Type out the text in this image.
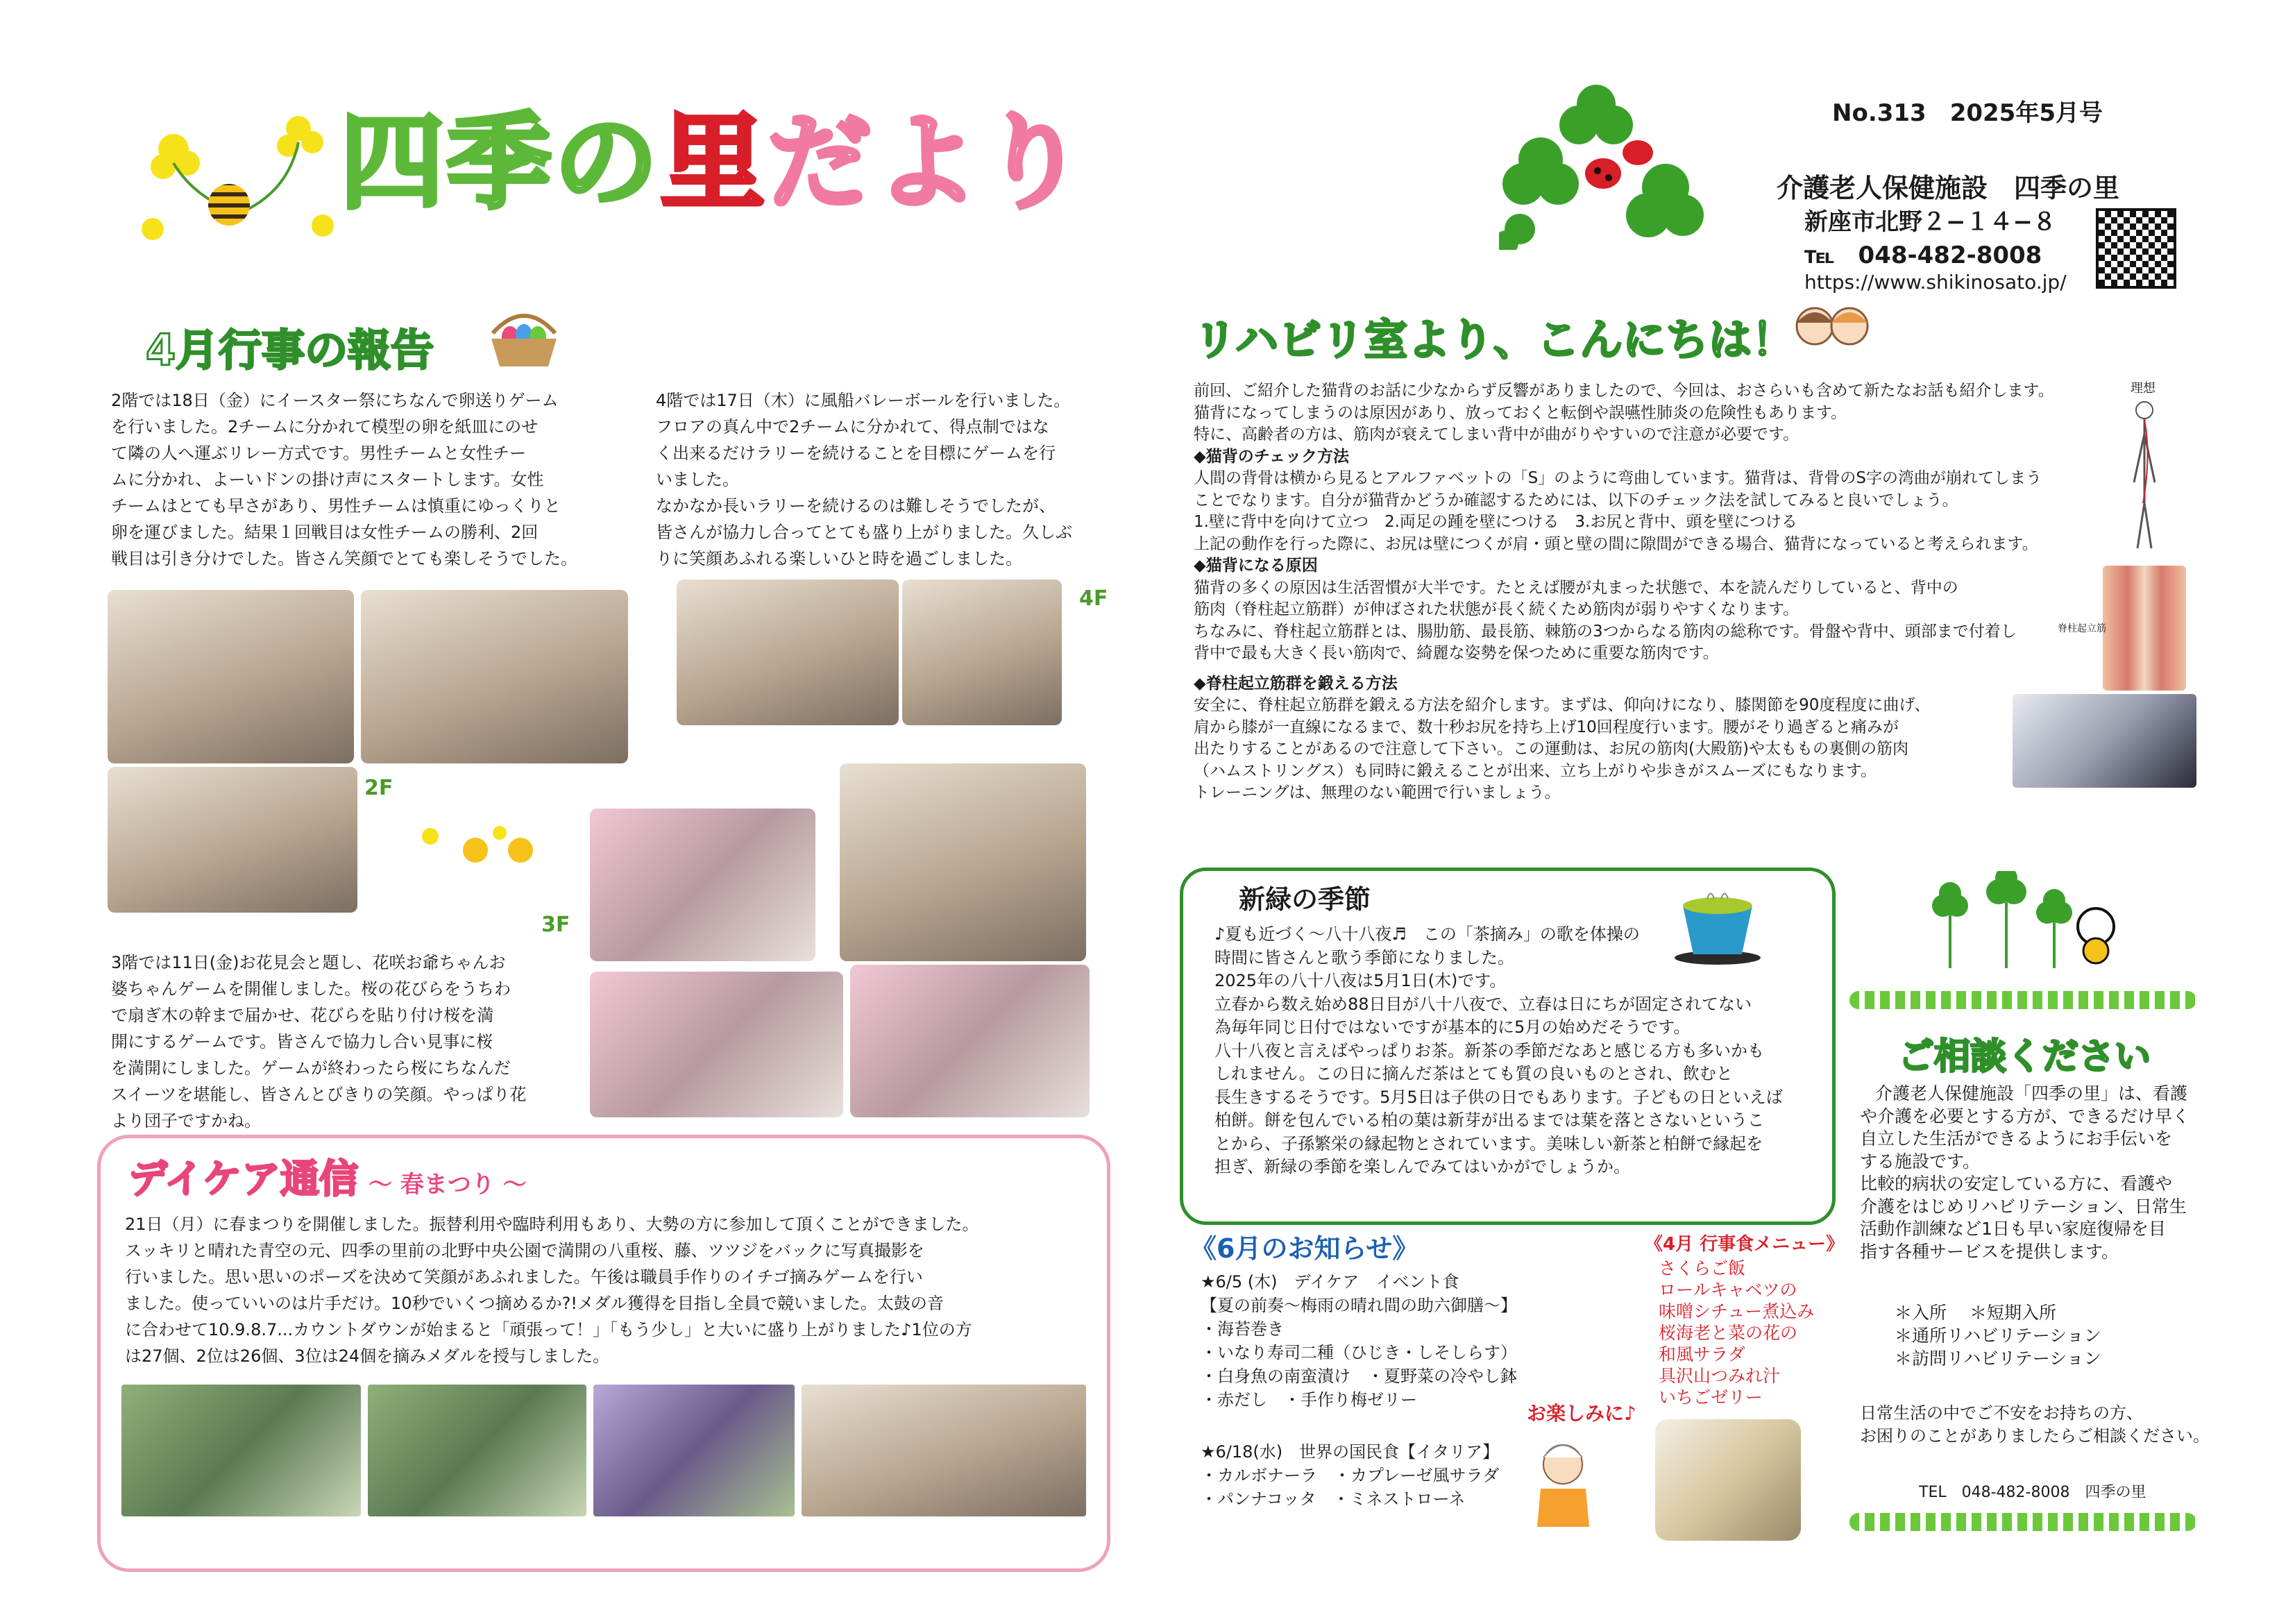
四季の里だより	No.313　2025年5月号
介護老人保健施設　四季の里
新座市北野２−１４−８
℡　048-482-8008
https://www.shikinosato.jp/
4月行事の報告
2階では18日（金）にイースター祭にちなんで卵送りゲーム
を行いました。2チームに分かれて模型の卵を紙皿にのせ
て隣の人へ運ぶリレー方式です。男性チームと女性チー
ムに分かれ、よーいドンの掛け声にスタートします。女性
チームはとても早さがあり、男性チームは慎重にゆっくりと
卵を運びました。結果１回戦目は女性チームの勝利、2回
戦目は引き分けでした。皆さん笑顔でとても楽しそうでした。
4階では17日（木）に風船バレーボールを行いました。
フロアの真ん中で2チームに分かれて、得点制ではな
く出来るだけラリーを続けることを目標にゲームを行
いました。
なかなか長いラリーを続けるのは難しそうでしたが、
皆さんが協力し合ってとても盛り上がりました。久しぶ
りに笑顔あふれる楽しいひと時を過ごしました。
4F
2F
3F
3階では11日(金)お花見会と題し、花咲お爺ちゃんお
婆ちゃんゲームを開催しました。桜の花びらをうちわ
で扇ぎ木の幹まで届かせ、花びらを貼り付け桜を満
開にするゲームです。皆さんで協力し合い見事に桜
を満開にしました。ゲームが終わったら桜にちなんだ
スイーツを堪能し、皆さんとびきりの笑顔。やっぱり花
より団子ですかね。
デイケア通信 〜 春まつり 〜
21日（月）に春まつりを開催しました。振替利用や臨時利用もあり、大勢の方に参加して頂くことができました。
スッキリと晴れた青空の元、四季の里前の北野中央公園で満開の八重桜、藤、ツツジをバックに写真撮影を
行いました。思い思いのポーズを決めて笑顔があふれました。午後は職員手作りのイチゴ摘みゲームを行い
ました。使っていいのは片手だけ。10秒でいくつ摘めるか?!メダル獲得を目指し全員で競いました。太鼓の音
に合わせて10.9.8.7...カウントダウンが始まると「頑張って！」「もう少し」と大いに盛り上がりました♪1位の方
は27個、2位は26個、3位は24個を摘みメダルを授与しました。
リハビリ室より、こんにちは！
前回、ご紹介した猫背のお話に少なからず反響がありましたので、今回は、おさらいも含めて新たなお話も紹介します。
猫背になってしまうのは原因があり、放っておくと転倒や誤嚥性肺炎の危険性もあります。
特に、高齢者の方は、筋肉が衰えてしまい背中が曲がりやすいので注意が必要です。
◆猫背のチェック方法
人間の背骨は横から見るとアルファベットの「S」のように弯曲しています。猫背は、背骨のS字の湾曲が崩れてしまう
ことでなります。自分が猫背かどうか確認するためには、以下のチェック法を試してみると良いでしょう。
1.壁に背中を向けて立つ　2.両足の踵を壁につける　3.お尻と背中、頭を壁につける
上記の動作を行った際に、お尻は壁につくが肩・頭と壁の間に隙間ができる場合、猫背になっていると考えられます。
◆猫背になる原因
猫背の多くの原因は生活習慣が大半です。たとえば腰が丸まった状態で、本を読んだりしていると、背中の
筋肉（脊柱起立筋群）が伸ばされた状態が長く続くため筋肉が弱りやすくなります。
ちなみに、脊柱起立筋群とは、腸肋筋、最長筋、棘筋の3つからなる筋肉の総称です。骨盤や背中、頭部まで付着し
背中で最も大きく長い筋肉で、綺麗な姿勢を保つために重要な筋肉です。
◆脊柱起立筋群を鍛える方法
安全に、脊柱起立筋群を鍛える方法を紹介します。まずは、仰向けになり、膝関節を90度程度に曲げ、
肩から膝が一直線になるまで、数十秒お尻を持ち上げ10回程度行います。腰がそり過ぎると痛みが
出たりすることがあるので注意して下さい。この運動は、お尻の筋肉(大殿筋)や太ももの裏側の筋肉
（ハムストリングス）も同時に鍛えることが出来、立ち上がりや歩きがスムーズにもなります。
トレーニングは、無理のない範囲で行いましょう。
理想
脊柱起立筋
新緑の季節
♪夏も近づく〜八十八夜♬　この「茶摘み」の歌を体操の
時間に皆さんと歌う季節になりました。
2025年の八十八夜は5月1日(木)です。
立春から数え始め88日目が八十八夜で、立春は日にちが固定されてない
為毎年同じ日付ではないですが基本的に5月の始めだそうです。
八十八夜と言えばやっぱりお茶。新茶の季節だなあと感じる方も多いかも
しれません。この日に摘んだ茶はとても質の良いものとされ、飲むと
長生きするそうです。5月5日は子供の日でもあります。子どもの日といえば
柏餅。餅を包んでいる柏の葉は新芽が出るまでは葉を落とさないというこ
とから、子孫繁栄の縁起物とされています。美味しい新茶と柏餅で縁起を
担ぎ、新緑の季節を楽しんでみてはいかがでしょうか。
《6月のお知らせ》
★6/5 (木)　デイケア　イベント食
【夏の前奏〜梅雨の晴れ間の助六御膳〜】
・海苔巻き
・いなり寿司二種（ひじき・しそしらす）
・白身魚の南蛮漬け　・夏野菜の冷やし鉢
・赤だし　・手作り梅ゼリー
お楽しみに♪
★6/18(水)　世界の国民食【イタリア】
・カルボナーラ　・カプレーゼ風サラダ
・パンナコッタ　・ミネストローネ
《4月 行事食メニュー》
さくらご飯
ロールキャベツの
味噌シチュー煮込み
桜海老と菜の花の
和風サラダ
具沢山つみれ汁
いちごゼリー
ご相談ください
介護老人保健施設「四季の里」は、看護
や介護を必要とする方が、できるだけ早く
自立した生活ができるようにお手伝いを
する施設です。
比較的病状の安定している方に、看護や
介護をはじめリハビリテーション、日常生
活動作訓練など1日も早い家庭復帰を目
指す各種サービスを提供します。
＊入所　 ＊短期入所
＊通所リハビリテーション
＊訪問リハビリテーション
日常生活の中でご不安をお持ちの方、
お困りのことがありましたらご相談ください。
TEL　048-482-8008　四季の里
